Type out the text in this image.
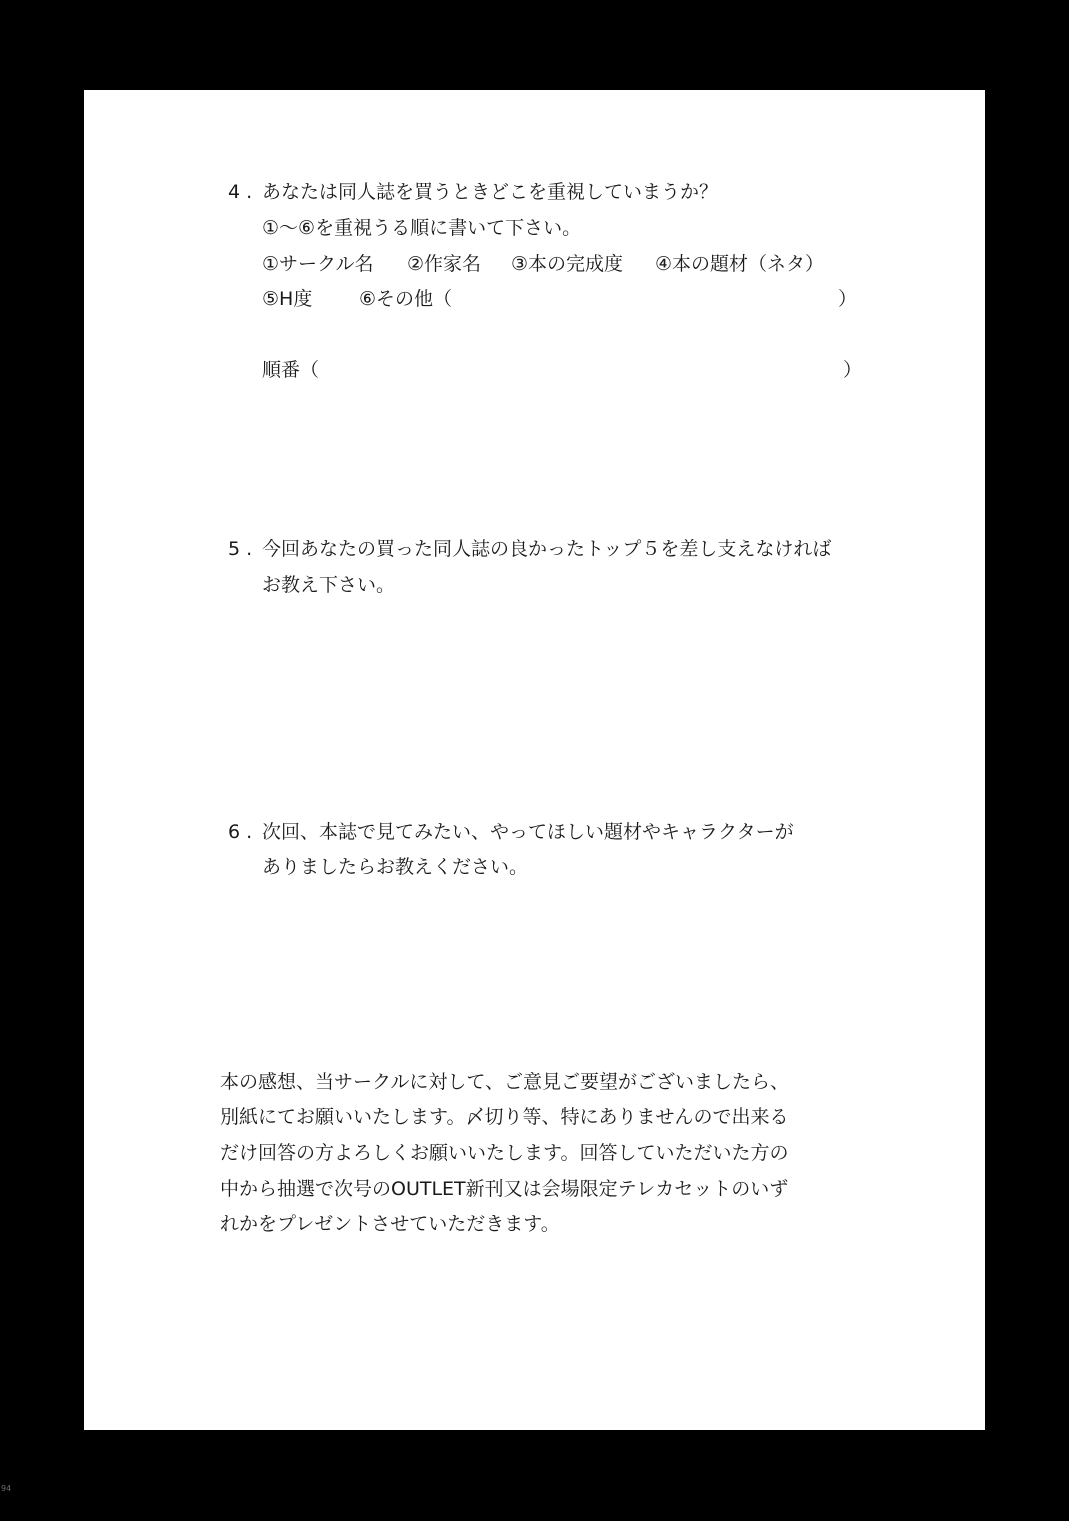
4. あなたは同人誌を買うときどこを重視していまうか？
①〜⑥を重視うる順に書いて下さい。
①サークル名 ②作家名 ③本の完成度 ④本の題材（ネタ）
⑤H度 ⑥その他（	）
順番（	）
5. 今回あなたの買った同人誌の良かったトップ５を差し支えなければ
お教え下さい。
6. 次回、本誌で見てみたい、やってほしい題材やキャラクターが
ありましたらお教えください。
本の感想、当サークルに対して、ご意見ご要望がございましたら、
別紙にてお願いいたします。〆切り等、特にありませんので出来る
だけ回答の方よろしくお願いいたします。回答していただいた方の
中から抽選で次号のOUTLET新刊又は会場限定テレカセットのいず
れかをプレゼントさせていただきます。
94
